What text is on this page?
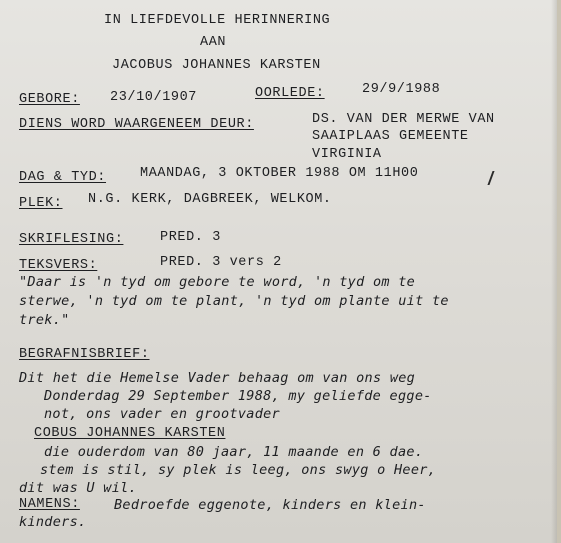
IN LIEFDEVOLLE HERINNERING
AAN
JACOBUS JOHANNES KARSTEN
GEBORE: 23/10/1907	OORLEDE:	29/9/1988
DIENS WORD WAARGENEEM DEUR:	DS. VAN DER MERWE VAN
SAAIPLAAS GEMEENTE
VIRGINIA
DAG & TYD:	MAANDAG, 3 OKTOBER 1988 OM 11H00
PLEK: N.G. KERK, DAGBREEK, WELKOM.
SKRIFLESING:	PRED. 3
TEKSVERS:	PRED. 3 vers 2
"Daar is 'n tyd om gebore te word, 'n tyd om te
sterwe, 'n tyd om te plant, 'n tyd om plante uit te
trek."
BEGRAFNISBRIEF:
Dit het die Hemelse Vader behaag om van ons weg
Donderdag 29 September 1988, my geliefde egge-
not, ons vader en grootvader
COBUS JOHANNES KARSTEN
die ouderdom van 80 jaar, 11 maande en 6 dae.
stem is stil, sy plek is leeg, ons swyg o Heer,
dit was U wil.
NAMENS:	Bedroefde eggenote, kinders en klein-
kinders.
